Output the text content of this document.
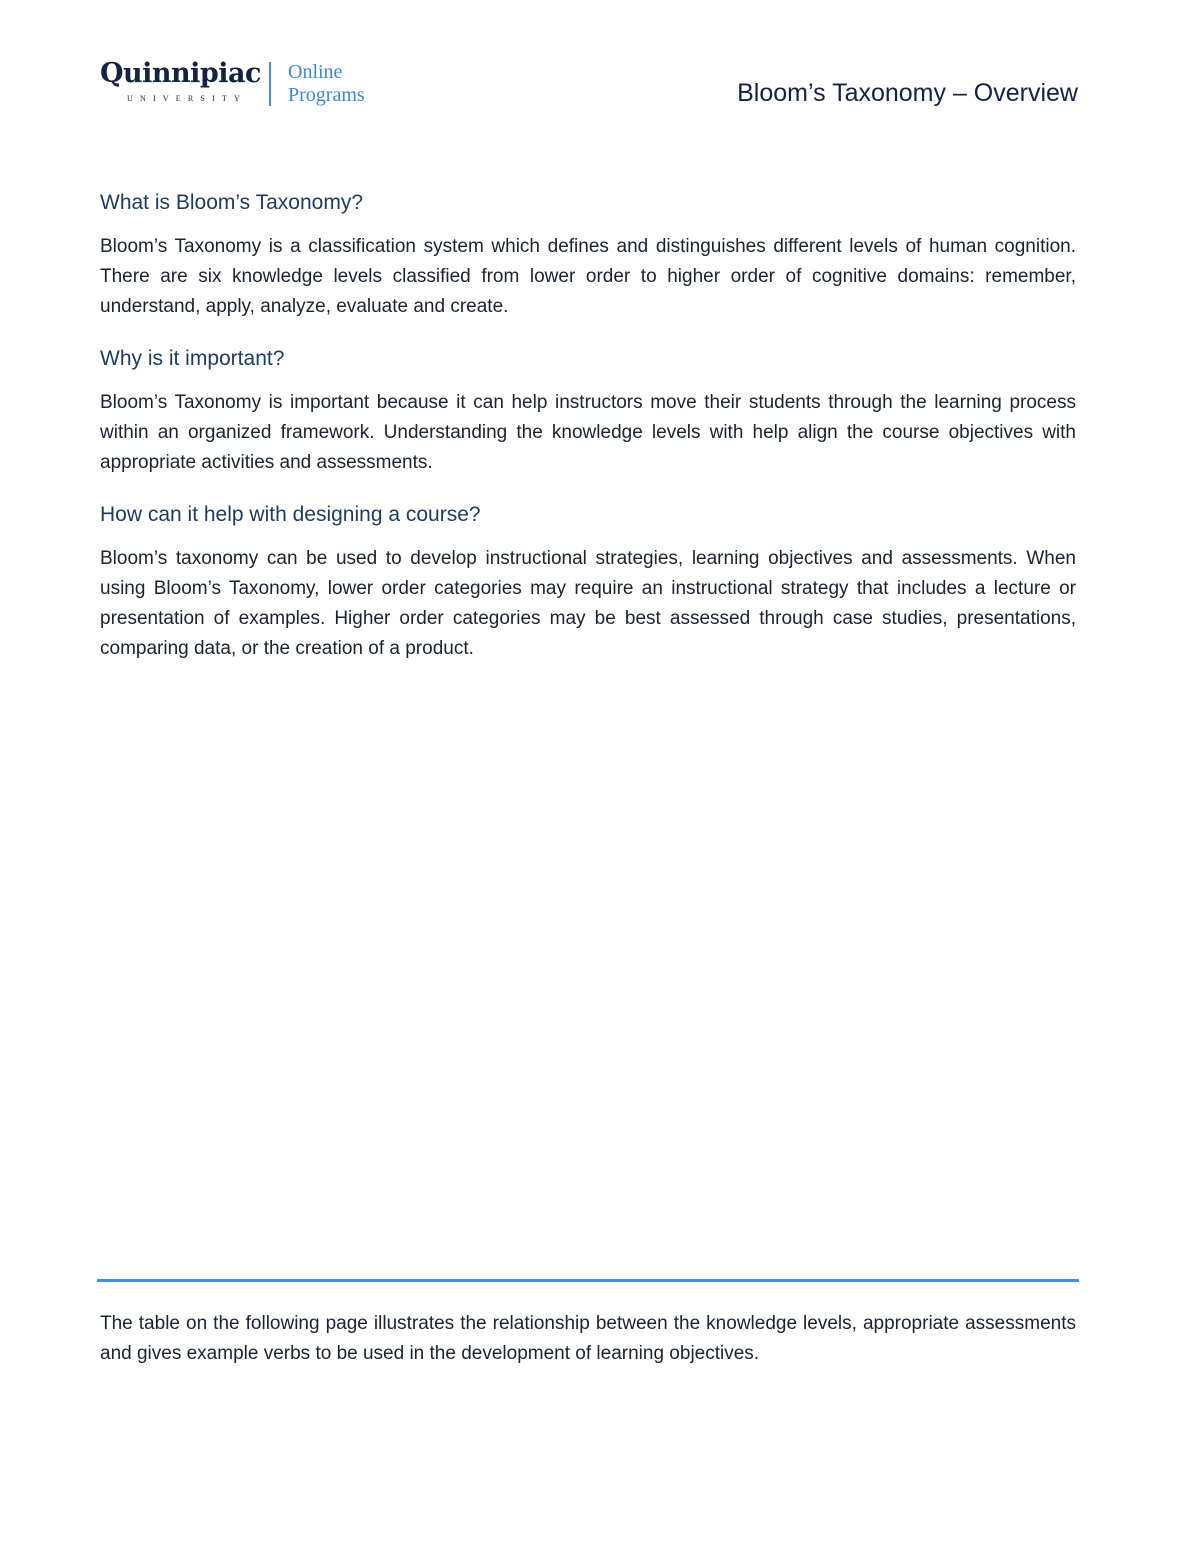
Quinnipiac
UNIVERSITY
Online
Programs	Bloom’s Taxonomy – Overview
What is Bloom’s Taxonomy?

Bloom’s Taxonomy is a classification system which defines and distinguishes different levels of human cognition. There are six knowledge levels classified from lower order to higher order of cognitive domains: remember, understand, apply, analyze, evaluate and create.

Why is it important?

Bloom’s Taxonomy is important because it can help instructors move their students through the learning process within an organized framework. Understanding the knowledge levels with help align the course objectives with appropriate activities and assessments.

How can it help with designing a course?

Bloom’s taxonomy can be used to develop instructional strategies, learning objectives and assessments. When using Bloom’s Taxonomy, lower order categories may require an instructional strategy that includes a lecture or presentation of examples. Higher order categories may be best assessed through case studies, presentations, comparing data, or the creation of a product.

The table on the following page illustrates the relationship between the knowledge levels, appropriate assessments and gives example verbs to be used in the development of learning objectives.
